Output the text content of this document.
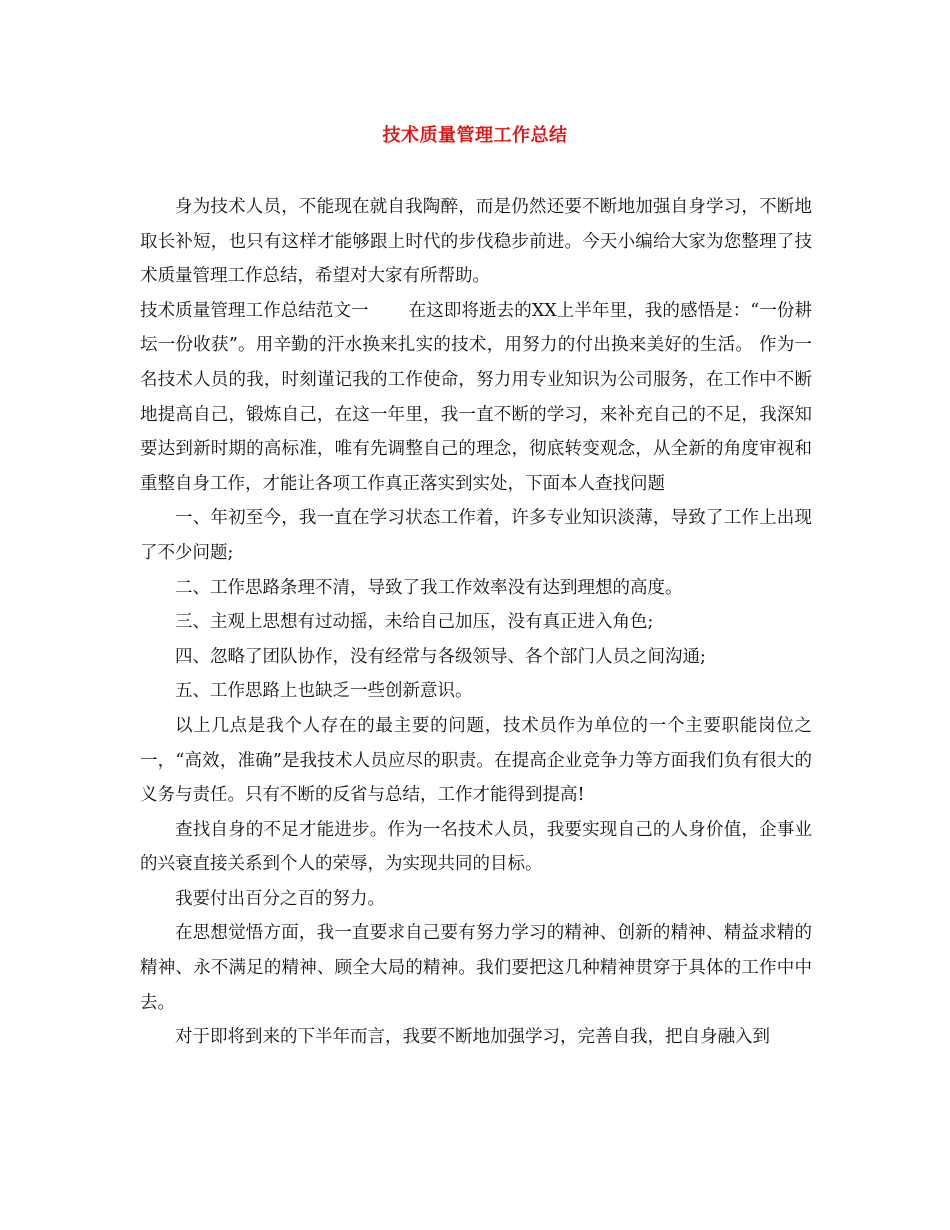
技术质量管理工作总结

身为技术人员，不能现在就自我陶醉，而是仍然还要不断地加强自身学习，不断地取长补短，也只有这样才能够跟上时代的步伐稳步前进。今天小编给大家为您整理了技术质量管理工作总结，希望对大家有所帮助。

技术质量管理工作总结范文一 在这即将逝去的XX上半年里，我的感悟是：“一份耕坛一份收获”。用辛勤的汗水换来扎实的技术，用努力的付出换来美好的生活。 作为一名技术人员的我，时刻谨记我的工作使命，努力用专业知识为公司服务，在工作中不断地提高自己，锻炼自己，在这一年里，我一直不断的学习，来补充自己的不足，我深知要达到新时期的高标准，唯有先调整自己的理念，彻底转变观念，从全新的角度审视和重整自身工作，才能让各项工作真正落实到实处，下面本人查找问题

一、年初至今，我一直在学习状态工作着，许多专业知识淡薄，导致了工作上出现了不少问题;

二、工作思路条理不清，导致了我工作效率没有达到理想的高度。

三、主观上思想有过动摇，未给自己加压，没有真正进入角色;

四、忽略了团队协作，没有经常与各级领导、各个部门人员之间沟通;

五、工作思路上也缺乏一些创新意识。

以上几点是我个人存在的最主要的问题，技术员作为单位的一个主要职能岗位之一，“高效，准确”是我技术人员应尽的职责。在提高企业竞争力等方面我们负有很大的义务与责任。只有不断的反省与总结，工作才能得到提高!

查找自身的不足才能进步。作为一名技术人员，我要实现自己的人身价值，企事业的兴衰直接关系到个人的荣辱，为实现共同的目标。

我要付出百分之百的努力。

在思想觉悟方面，我一直要求自己要有努力学习的精神、创新的精神、精益求精的精神、永不满足的精神、顾全大局的精神。我们要把这几种精神贯穿于具体的工作中中去。

对于即将到来的下半年而言，我要不断地加强学习，完善自我，把自身融入到
